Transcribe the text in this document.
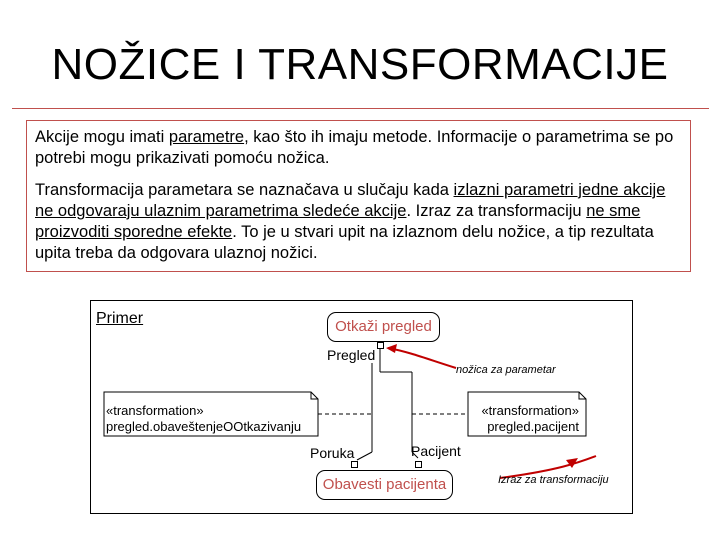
NOŽICE I TRANSFORMACIJE

Akcije mogu imati parametre, kao što ih imaju metode. Informacije o parametrima se po potrebi mogu prikazivati pomoću nožica.

Transformacija parametara se naznačava u slučaju kada izlazni parametri jedne akcije ne odgovaraju ulaznim parametrima sledeće akcije. Izraz za transformaciju ne sme proizvoditi sporedne efekte. To je u stvari upit na izlaznom delu nožice, a tip rezultata upita treba da odgovara ulaznoj nožici.

Primer	Otkaži pregled
Obavesti pacijenta
Pregled
Poruka	Pacijent
«transformation»
pregled.obaveštenjeOOtkazivanju
«transformation»
pregled.pacijent
nožica za parametar
Izraz za transformaciju
